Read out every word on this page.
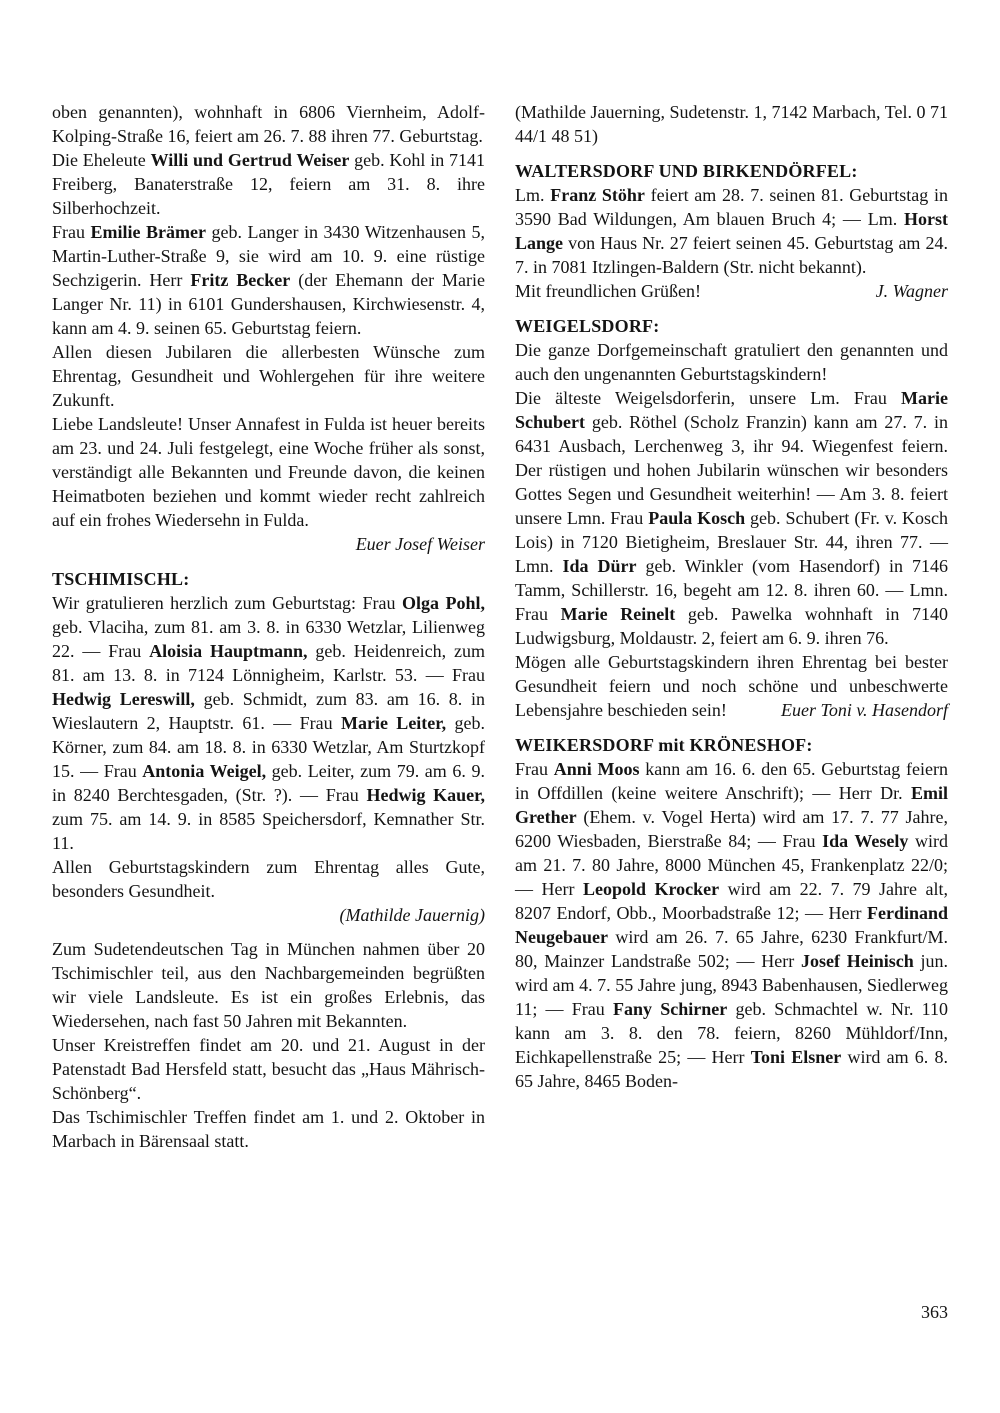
oben genannten), wohnhaft in 6806 Viernheim, Adolf-Kolping-Straße 16, feiert am 26. 7. 88 ihren 77. Geburtstag.

Die Eheleute Willi und Gertrud Weiser geb. Kohl in 7141 Freiberg, Banaterstraße 12, feiern am 31. 8. ihre Silberhochzeit.

Frau Emilie Brämer geb. Langer in 3430 Witzenhausen 5, Martin-Luther-Straße 9, sie wird am 10. 9. eine rüstige Sechzigerin. Herr Fritz Becker (der Ehemann der Marie Langer Nr. 11) in 6101 Gundershausen, Kirchwiesenstr. 4, kann am 4. 9. seinen 65. Geburtstag feiern.

Allen diesen Jubilaren die allerbesten Wünsche zum Ehrentag, Gesundheit und Wohlergehen für ihre weitere Zukunft.

Liebe Landsleute! Unser Annafest in Fulda ist heuer bereits am 23. und 24. Juli festgelegt, eine Woche früher als sonst, verständigt alle Bekannten und Freunde davon, die keinen Heimatboten beziehen und kommt wieder recht zahlreich auf ein frohes Wiedersehn in Fulda.

Euer Josef Weiser

TSCHIMISCHL:

Wir gratulieren herzlich zum Geburtstag: Frau Olga Pohl, geb. Vlaciha, zum 81. am 3. 8. in 6330 Wetzlar, Lilienweg 22. — Frau Aloisia Hauptmann, geb. Heidenreich, zum 81. am 13. 8. in 7124 Lönnigheim, Karlstr. 53. — Frau Hedwig Lereswill, geb. Schmidt, zum 83. am 16. 8. in Wieslautern 2, Hauptstr. 61. — Frau Marie Leiter, geb. Körner, zum 84. am 18. 8. in 6330 Wetzlar, Am Sturtzkopf 15. — Frau Antonia Weigel, geb. Leiter, zum 79. am 6. 9. in 8240 Berchtesgaden, (Str. ?). — Frau Hedwig Kauer, zum 75. am 14. 9. in 8585 Speichersdorf, Kemnather Str. 11.

Allen Geburtstagskindern zum Ehrentag alles Gute, besonders Gesundheit.

(Mathilde Jauernig)

Zum Sudetendeutschen Tag in München nahmen über 20 Tschimischler teil, aus den Nachbargemeinden begrüßten wir viele Landsleute. Es ist ein großes Erlebnis, das Wiedersehen, nach fast 50 Jahren mit Bekannten.

Unser Kreistreffen findet am 20. und 21. August in der Patenstadt Bad Hersfeld statt, besucht das „Haus Mährisch-Schönberg“.

Das Tschimischler Treffen findet am 1. und 2. Oktober in Marbach in Bärensaal statt.

(Mathilde Jauerning, Sudetenstr. 1, 7142 Marbach, Tel. 0 71 44/1 48 51)

WALTERSDORF UND BIRKENDÖRFEL:

Lm. Franz Stöhr feiert am 28. 7. seinen 81. Geburtstag in 3590 Bad Wildungen, Am blauen Bruch 4; — Lm. Horst Lange von Haus Nr. 27 feiert seinen 45. Geburtstag am 24. 7. in 7081 Itzlingen-Baldern (Str. nicht bekannt).

Mit freundlichen Grüßen!	J. Wagner

WEIGELSDORF:

Die ganze Dorfgemeinschaft gratuliert den genannten und auch den ungenannten Geburtstagskindern!

Die älteste Weigelsdorferin, unsere Lm. Frau Marie Schubert geb. Röthel (Scholz Franzin) kann am 27. 7. in 6431 Ausbach, Lerchenweg 3, ihr 94. Wiegenfest feiern. Der rüstigen und hohen Jubilarin wünschen wir besonders Gottes Segen und Gesundheit weiterhin! — Am 3. 8. feiert unsere Lmn. Frau Paula Kosch geb. Schubert (Fr. v. Kosch Lois) in 7120 Bietigheim, Breslauer Str. 44, ihren 77. — Lmn. Ida Dürr geb. Winkler (vom Hasendorf) in 7146 Tamm, Schillerstr. 16, begeht am 12. 8. ihren 60. — Lmn. Frau Marie Reinelt geb. Pawelka wohnhaft in 7140 Ludwigsburg, Moldaustr. 2, feiert am 6. 9. ihren 76.

Mögen alle Geburtstagskindern ihren Ehrentag bei bester Gesundheit feiern und noch schöne und unbeschwerte Lebensjahre beschieden sein!	Euer Toni v. Hasendorf

WEIKERSDORF mit KRÖNESHOF:

Frau Anni Moos kann am 16. 6. den 65. Geburtstag feiern in Offdillen (keine weitere Anschrift); — Herr Dr. Emil Grether (Ehem. v. Vogel Herta) wird am 17. 7. 77 Jahre, 6200 Wiesbaden, Bierstraße 84; — Frau Ida Wesely wird am 21. 7. 80 Jahre, 8000 München 45, Frankenplatz 22/0; — Herr Leopold Krocker wird am 22. 7. 79 Jahre alt, 8207 Endorf, Obb., Moorbadstraße 12; — Herr Ferdinand Neugebauer wird am 26. 7. 65 Jahre, 6230 Frankfurt/M. 80, Mainzer Landstraße 502; — Herr Josef Heinisch jun. wird am 4. 7. 55 Jahre jung, 8943 Babenhausen, Siedlerweg 11; — Frau Fany Schirner geb. Schmachtel w. Nr. 110 kann am 3. 8. den 78. feiern, 8260 Mühldorf/Inn, Eichkapellenstraße 25; — Herr Toni Elsner wird am 6. 8. 65 Jahre, 8465 Boden-

363
